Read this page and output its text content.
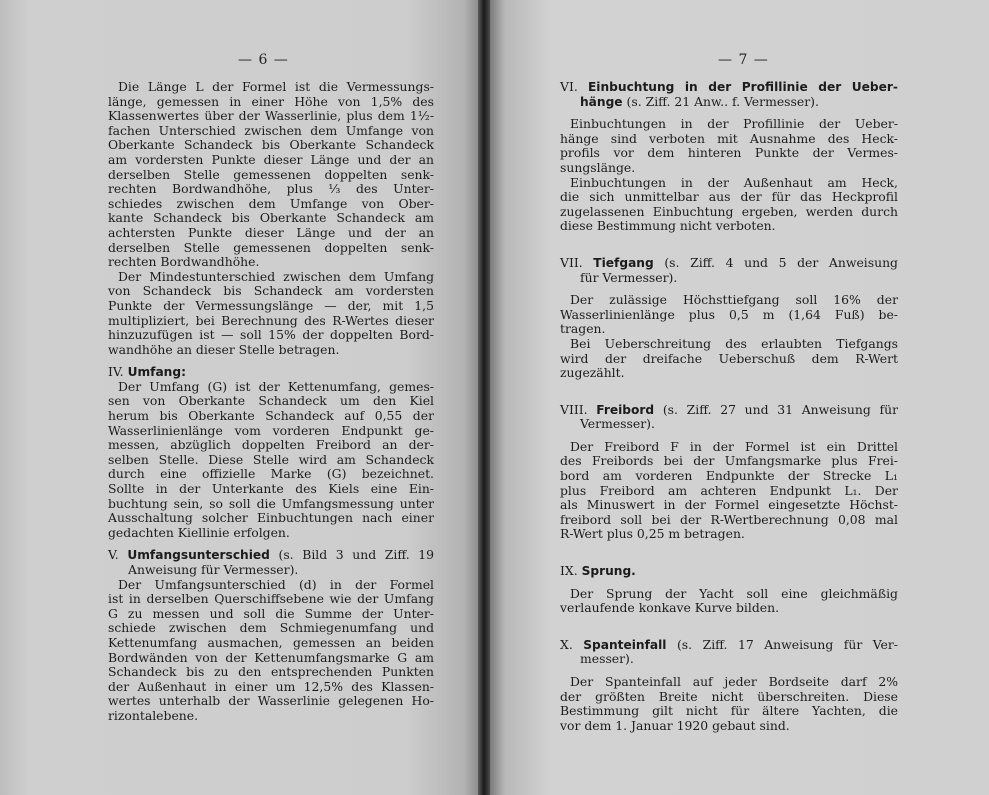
— 6 —
Die Länge L der Formel ist die Vermessungs-
länge, gemessen in einer Höhe von 1,5% des
Klassenwertes über der Wasserlinie, plus dem 1½-
fachen Unterschied zwischen dem Umfange von
Oberkante Schandeck bis Oberkante Schandeck
am vordersten Punkte dieser Länge und der an
derselben Stelle gemessenen doppelten senk-
rechten Bordwandhöhe, plus ⅓ des Unter-
schiedes zwischen dem Umfange von Ober-
kante Schandeck bis Oberkante Schandeck am
achtersten Punkte dieser Länge und der an
derselben Stelle gemessenen doppelten senk-
rechten Bordwandhöhe.
Der Mindestunterschied zwischen dem Umfang
von Schandeck bis Schandeck am vordersten
Punkte der Vermessungslänge — der, mit 1,5
multipliziert, bei Berechnung des R-Wertes dieser
hinzuzufügen ist — soll 15% der doppelten Bord-
wandhöhe an dieser Stelle betragen.
IV. Umfang:
Der Umfang (G) ist der Kettenumfang, gemes-
sen von Oberkante Schandeck um den Kiel
herum bis Oberkante Schandeck auf 0,55 der
Wasserlinienlänge vom vorderen Endpunkt ge-
messen, abzüglich doppelten Freibord an der-
selben Stelle. Diese Stelle wird am Schandeck
durch eine offizielle Marke (G) bezeichnet.
Sollte in der Unterkante des Kiels eine Ein-
buchtung sein, so soll die Umfangsmessung unter
Ausschaltung solcher Einbuchtungen nach einer
gedachten Kiellinie erfolgen.
V. Umfangsunterschied (s. Bild 3 und Ziff. 19
Anweisung für Vermesser).
Der Umfangsunterschied (d) in der Formel
ist in derselben Querschiffsebene wie der Umfang
G zu messen und soll die Summe der Unter-
schiede zwischen dem Schmiegenumfang und
Kettenumfang ausmachen, gemessen an beiden
Bordwänden von der Kettenumfangsmarke G am
Schandeck bis zu den entsprechenden Punkten
der Außenhaut in einer um 12,5% des Klassen-
wertes unterhalb der Wasserlinie gelegenen Ho-
rizontalebene.
— 7 —
VI. Einbuchtung in der Profillinie der Ueber-
hänge (s. Ziff. 21 Anw.. f. Vermesser).
Einbuchtungen in der Profillinie der Ueber-
hänge sind verboten mit Ausnahme des Heck-
profils vor dem hinteren Punkte der Vermes-
sungslänge.
Einbuchtungen in der Außenhaut am Heck,
die sich unmittelbar aus der für das Heckprofil
zugelassenen Einbuchtung ergeben, werden durch
diese Bestimmung nicht verboten.
VII. Tiefgang (s. Ziff. 4 und 5 der Anweisung
für Vermesser).
Der zulässige Höchsttiefgang soll 16% der
Wasserlinienlänge plus 0,5 m (1,64 Fuß) be-
tragen.
Bei Ueberschreitung des erlaubten Tiefgangs
wird der dreifache Ueberschuß dem R-Wert
zugezählt.
VIII. Freibord (s. Ziff. 27 und 31 Anweisung für
Vermesser).
Der Freibord F in der Formel ist ein Drittel
des Freibords bei der Umfangsmarke plus Frei-
bord am vorderen Endpunkte der Strecke L₁
plus Freibord am achteren Endpunkt L₁. Der
als Minuswert in der Formel eingesetzte Höchst-
freibord soll bei der R-Wertberechnung 0,08 mal
R-Wert plus 0,25 m betragen.
IX. Sprung.
Der Sprung der Yacht soll eine gleichmäßig
verlaufende konkave Kurve bilden.
X. Spanteinfall (s. Ziff. 17 Anweisung für Ver-
messer).
Der Spanteinfall auf jeder Bordseite darf 2%
der größten Breite nicht überschreiten. Diese
Bestimmung gilt nicht für ältere Yachten, die
vor dem 1. Januar 1920 gebaut sind.
